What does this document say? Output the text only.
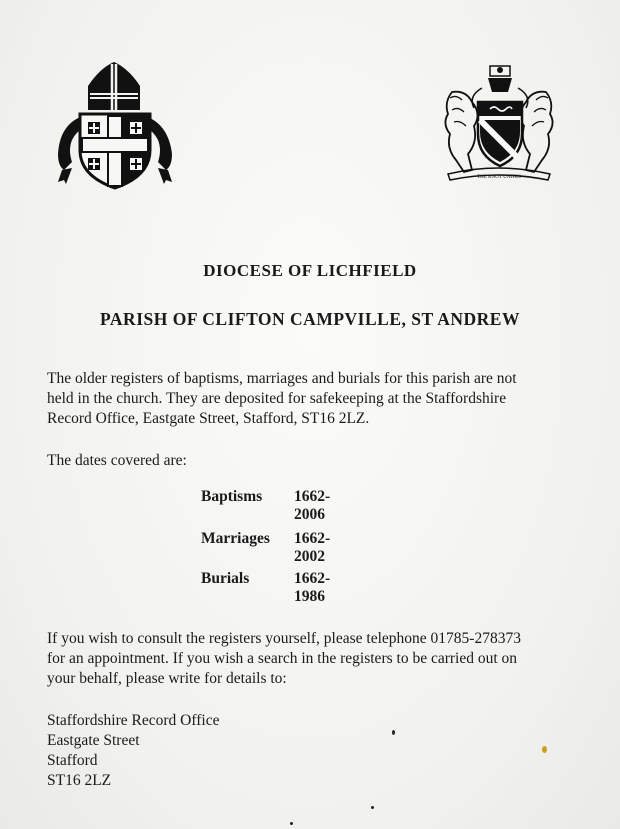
THE KNOT UNITES
DIOCESE OF LICHFIELD
PARISH OF CLIFTON CAMPVILLE, ST ANDREW
The older registers of baptisms, marriages and burials for this parish are not
held in the church. They are deposited for safekeeping at the Staffordshire
Record Office, Eastgate Street, Stafford, ST16 2LZ.
The dates covered are:
Baptisms 1662-2006
Marriages 1662-2002
Burials	1662-1986
If you wish to consult the registers yourself, please telephone 01785-278373
for an appointment. If you wish a search in the registers to be carried out on
your behalf, please write for details to:
Staffordshire Record Office
Eastgate Street
Stafford
ST16 2LZ
